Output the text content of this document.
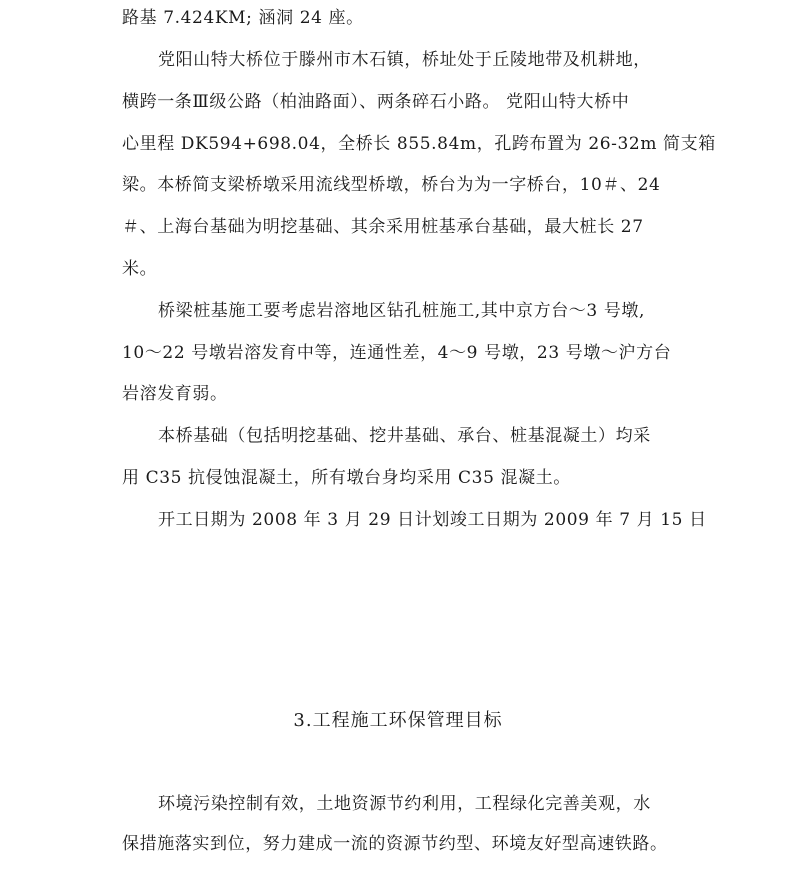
路基 7.424KM; 涵洞 24 座。

党阳山特大桥位于滕州市木石镇，桥址处于丘陵地带及机耕地，

横跨一条Ⅲ级公路（柏油路面）、两条碎石小路。 党阳山特大桥中

心里程 DK594+698.04，全桥长 855.84m，孔跨布置为 26-32m 简支箱

梁。本桥简支梁桥墩采用流线型桥墩，桥台为为一字桥台，10＃、24

＃、上海台基础为明挖基础、其余采用桩基承台基础，最大桩长 27

米。

桥梁桩基施工要考虑岩溶地区钻孔桩施工,其中京方台～3 号墩,

10～22 号墩岩溶发育中等，连通性差，4～9 号墩，23 号墩～沪方台

岩溶发育弱。

本桥基础（包括明挖基础、挖井基础、承台、桩基混凝土）均采

用 C35 抗侵蚀混凝土，所有墩台身均采用 C35 混凝土。

开工日期为 2008 年 3 月 29 日计划竣工日期为 2009 年 7 月 15 日

3.工程施工环保管理目标

环境污染控制有效，土地资源节约利用，工程绿化完善美观，水

保措施落实到位，努力建成一流的资源节约型、环境友好型高速铁路。
